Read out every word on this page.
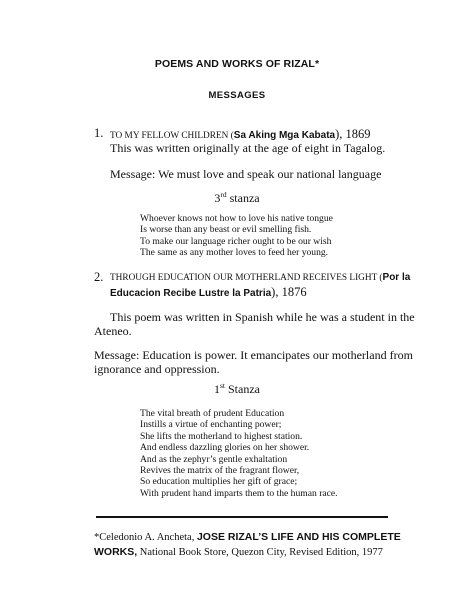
POEMS AND WORKS OF RIZAL*
MESSAGES
1. TO MY FELLOW CHILDREN (Sa Aking Mga Kabata), 1869
This was written originally at the age of eight in Tagalog.
Message: We must love and speak our national language
3rd stanza
Whoever knows not how to love his native tongue
Is worse than any beast or evil smelling fish.
To make our language richer ought to be our wish
The same as any mother loves to feed her young.
2. THROUGH EDUCATION OUR MOTHERLAND RECEIVES LIGHT (Por la
Educacion Recibe Lustre la Patria), 1876
This poem was written in Spanish while he was a student in the
Ateneo.
Message: Education is power. It emancipates our motherland from
ignorance and oppression.
1st Stanza
The vital breath of prudent Education
Instills a virtue of enchanting power;
She lifts the motherland to highest station.
And endless dazzling glories on her shower.
And as the zephyr’s gentle exhaltation
Revives the matrix of the fragrant flower,
So education multiplies her gift of grace;
With prudent hand imparts them to the human race.
*Celedonio A. Ancheta, JOSE RIZAL’S LIFE AND HIS COMPLETE
WORKS, National Book Store, Quezon City, Revised Edition, 1977
